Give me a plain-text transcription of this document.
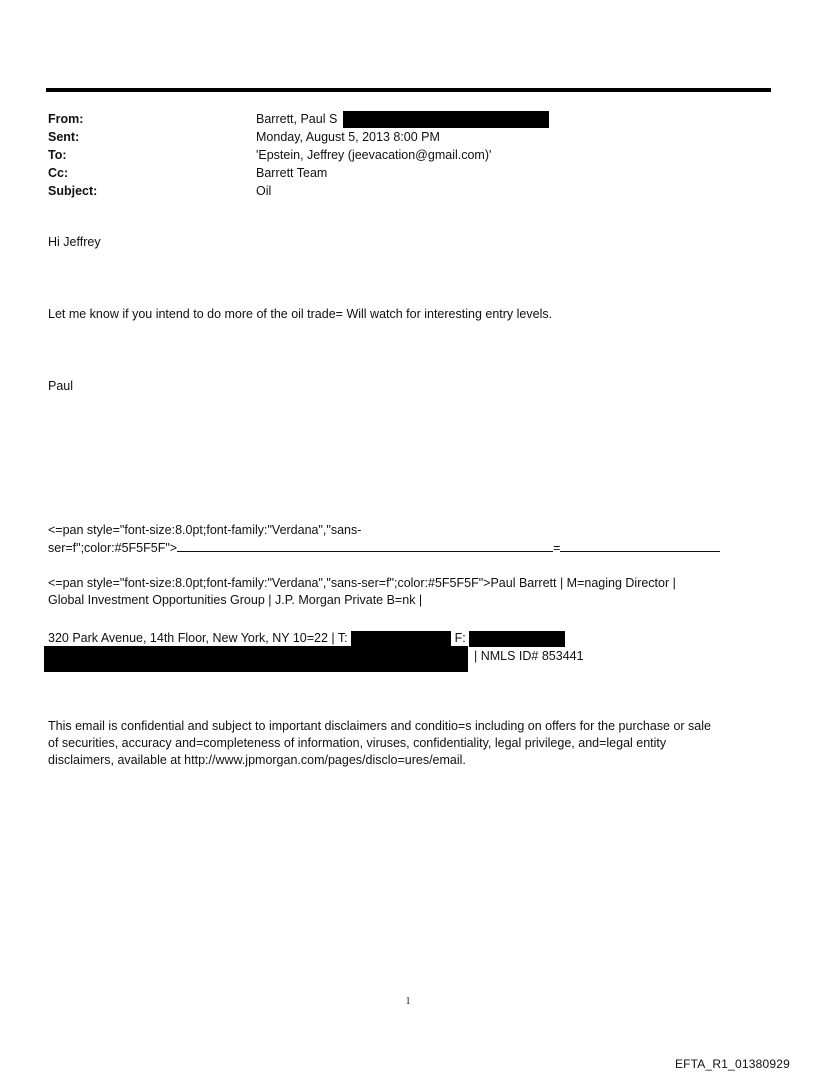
From:	Barrett, Paul S
Sent:	Monday, August 5, 2013 8:00 PM
To:	'Epstein, Jeffrey (jeevacation@gmail.com)'
Cc:	Barrett Team
Subject:	Oil
Hi Jeffrey
Let me know if you intend to do more of the oil trade= Will watch for interesting entry levels.
Paul
<=pan style="font-size:8.0pt;font-family:"Verdana","sans-
ser=f";color:#5F5F5F">	=
<=pan style="font-size:8.0pt;font-family:"Verdana","sans-ser=f";color:#5F5F5F">Paul Barrett | M=naging Director |
Global Investment Opportunities Group | J.P. Morgan Private B=nk |
320 Park Avenue, 14th Floor, New York, NY 10=22 | T:	F:
| NMLS ID# 853441
This email is confidential and subject to important disclaimers and conditio=s including on offers for the purchase or sale
of securities, accuracy and=completeness of information, viruses, confidentiality, legal privilege, and=legal entity
disclaimers, available at http://www.jpmorgan.com/pages/disclo=ures/email.
1
EFTA_R1_01380929
